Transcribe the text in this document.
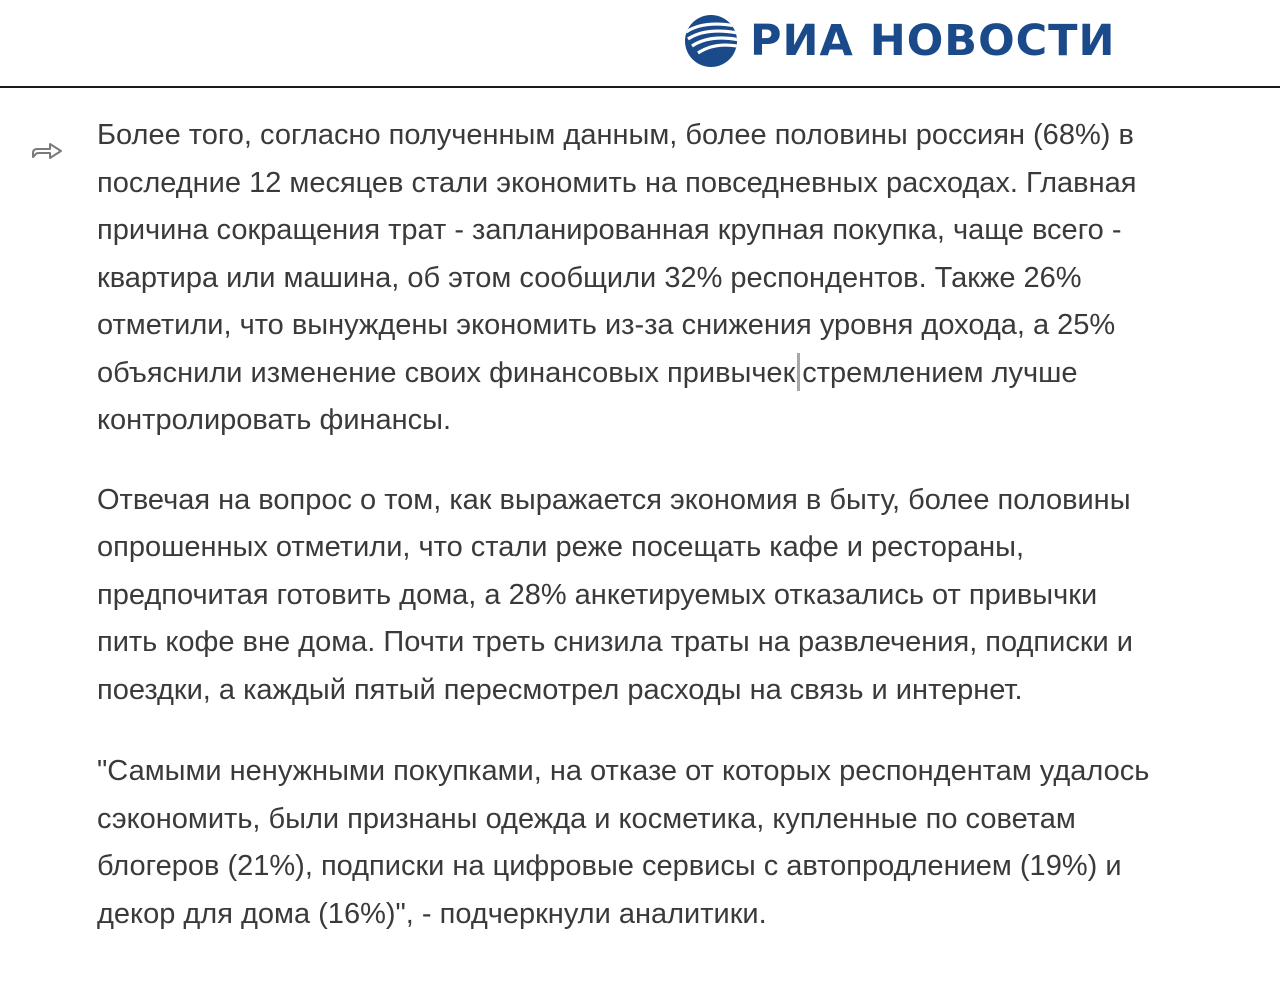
РИА НОВОСТИ

Более того, согласно полученным данным, более половины россиян (68%) в

последние 12 месяцев стали экономить на повседневных расходах. Главная

причина сокращения трат - запланированная крупная покупка, чаще всего -

квартира или машина, об этом сообщили 32% респондентов. Также 26%

отметили, что вынуждены экономить из-за снижения уровня дохода, а 25%

объяснили изменение своих финансовых привычек стремлением лучше

контролировать финансы.

Отвечая на вопрос о том, как выражается экономия в быту, более половины

опрошенных отметили, что стали реже посещать кафе и рестораны,

предпочитая готовить дома, а 28% анкетируемых отказались от привычки

пить кофе вне дома. Почти треть снизила траты на развлечения, подписки и

поездки, а каждый пятый пересмотрел расходы на связь и интернет.

"Самыми ненужными покупками, на отказе от которых респондентам удалось

сэкономить, были признаны одежда и косметика, купленные по советам

блогеров (21%), подписки на цифровые сервисы с автопродлением (19%) и

декор для дома (16%)", - подчеркнули аналитики.
